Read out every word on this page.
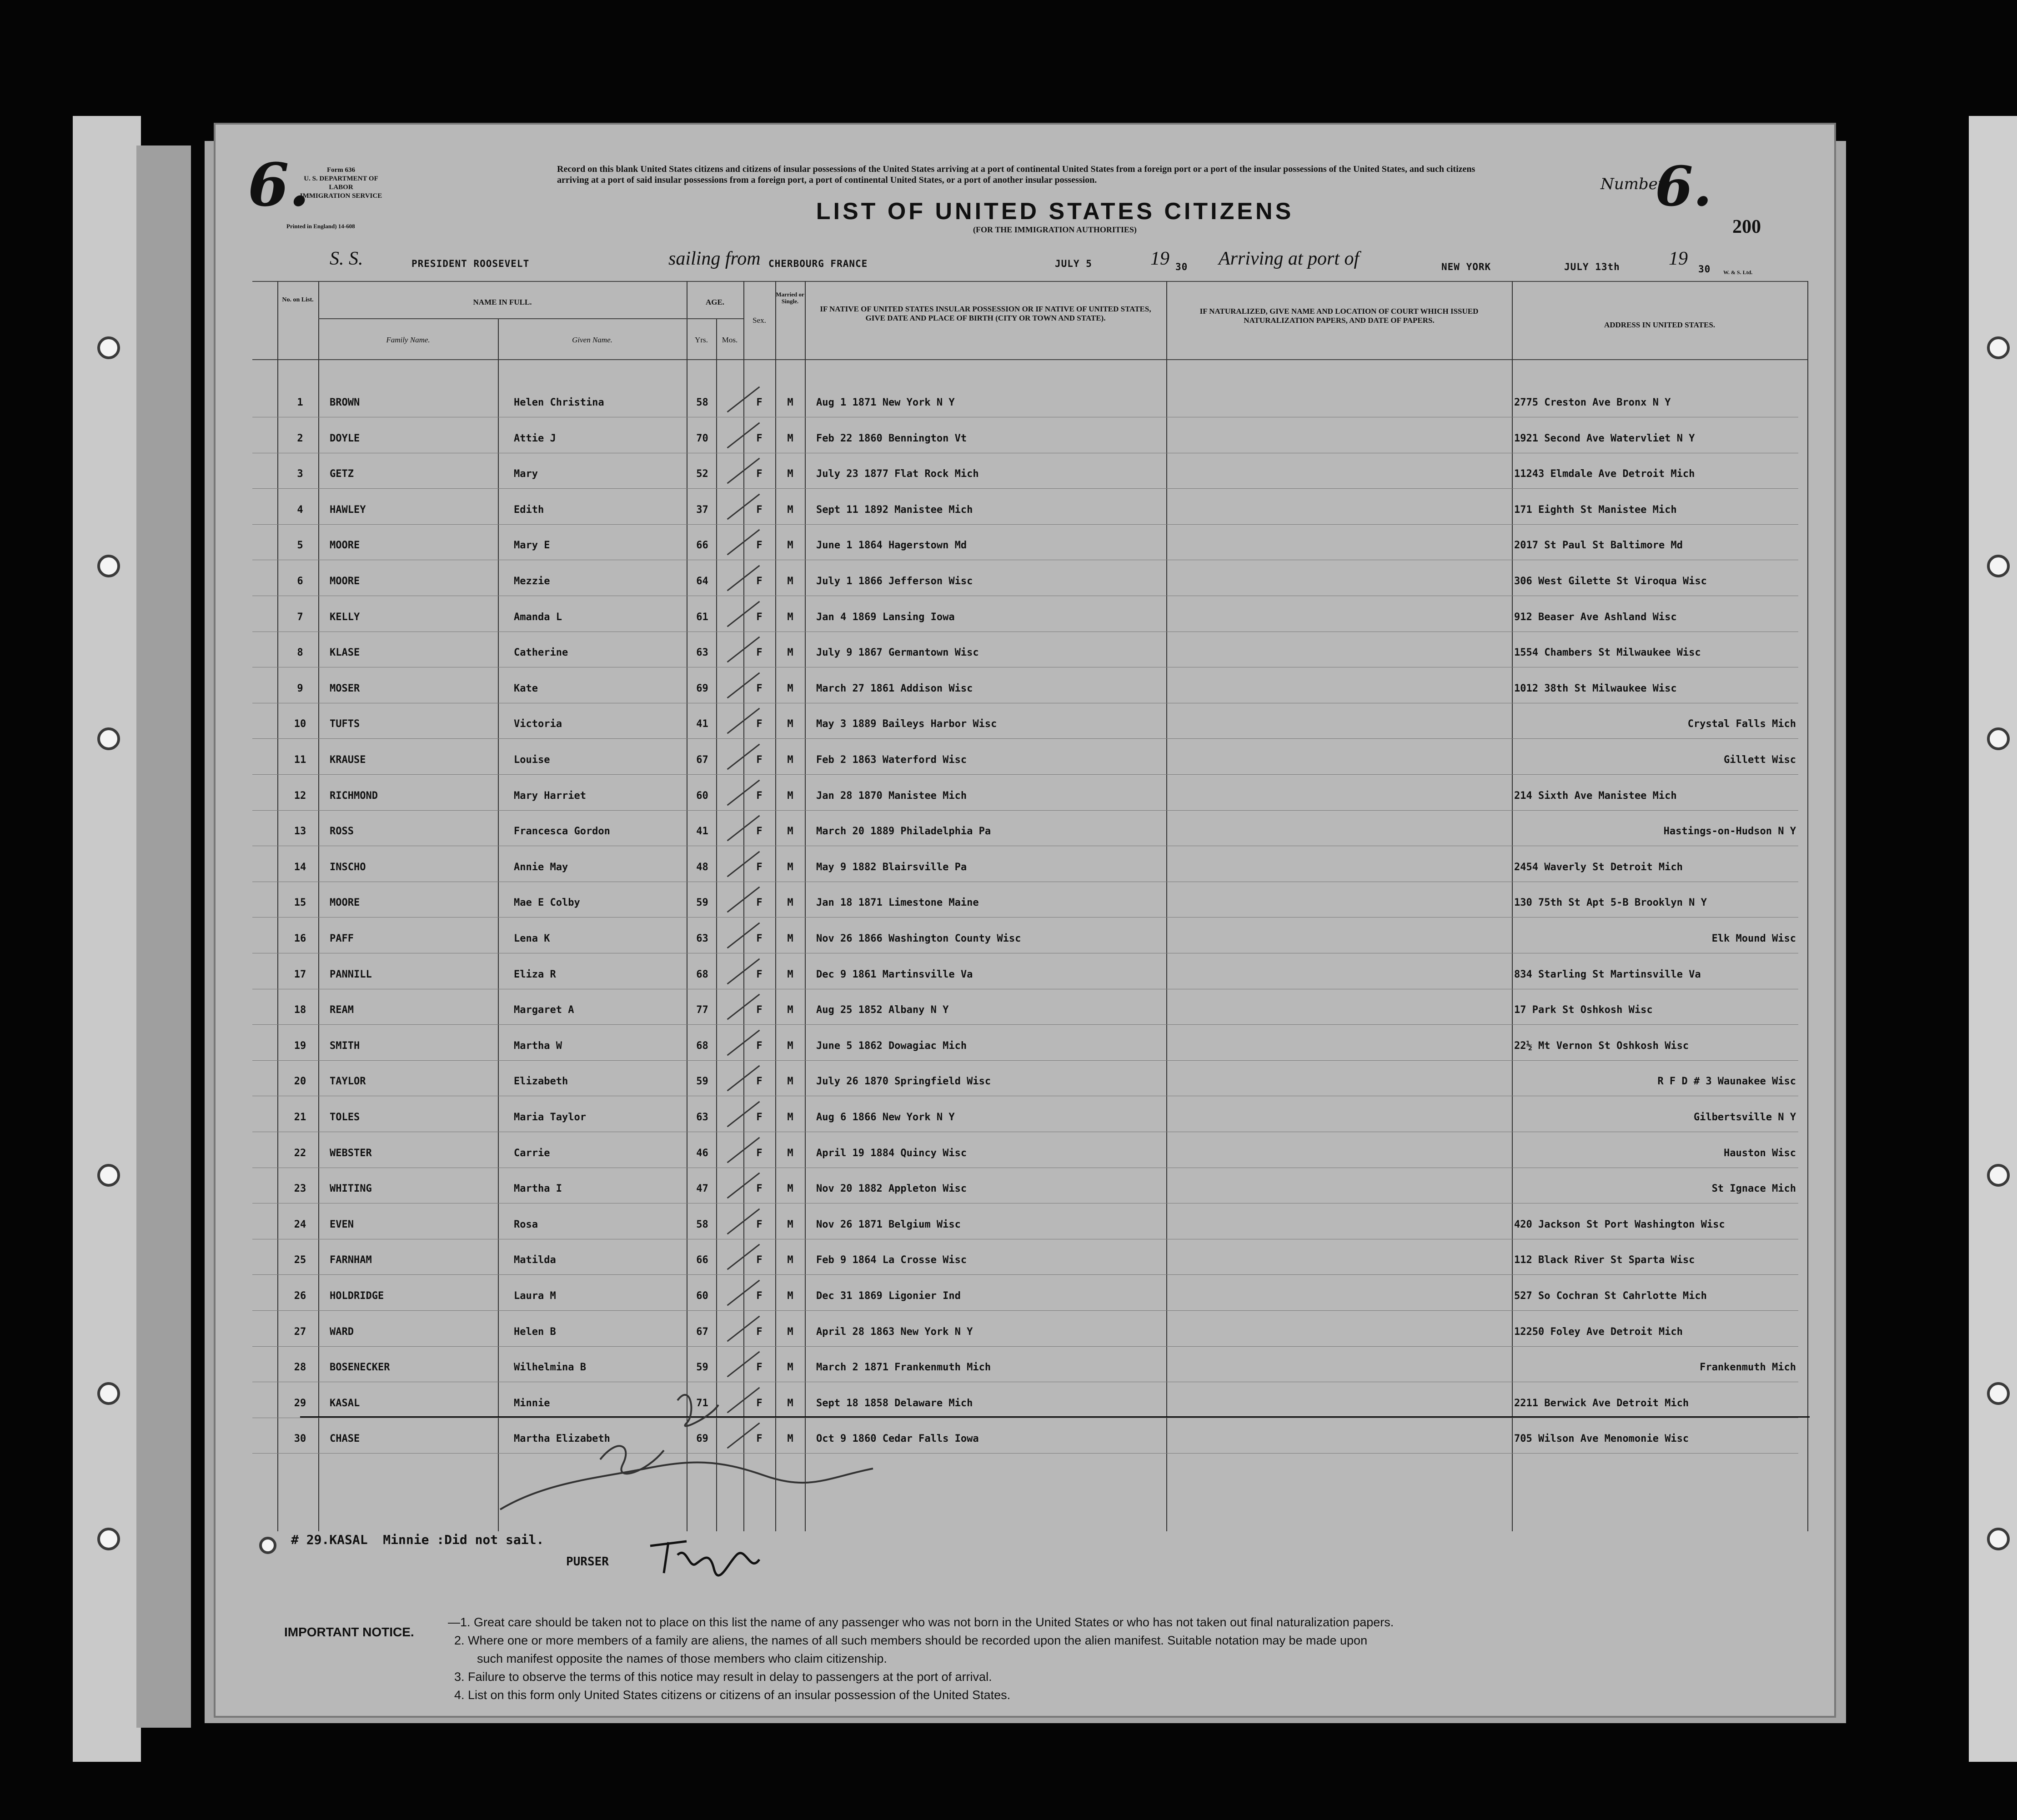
6.	Form 636
U. S. DEPARTMENT OF LABOR
IMMIGRATION SERVICE
Printed in England) 14-608
Record on this blank United States citizens and citizens of insular possessions of the United States arriving at a port of continental United States from a foreign port or a port of the insular possessions of the United States, and such citizens arriving at a port of said insular possessions from a foreign port, a port of continental United States, or a port of another insular possession.
LIST OF UNITED STATES CITIZENS
(FOR THE IMMIGRATION AUTHORITIES)
Number
6.
200
W. & S. Ltd.
S. S.	PRESIDENT ROOSEVELT	sailing from CHERBOURG FRANCE	JULY 5	19 30 Arriving at port of	NEW YORK	JULY 13th	19 30
No. on List.	NAME IN FULL.
Family Name.	Given Name.
AGE.
Yrs.	Mos.
Sex.
Married or Single.
IF NATIVE OF UNITED STATES INSULAR POSSESSION OR IF NATIVE OF UNITED STATES, GIVE DATE AND PLACE OF BIRTH (CITY OR TOWN AND STATE).
IF NATURALIZED, GIVE NAME AND LOCATION OF COURT WHICH ISSUED NATURALIZATION PAPERS, AND DATE OF PAPERS.
ADDRESS IN UNITED STATES.
1	BROWN	Helen Christina	58	F	M	Aug 1 1871 New York N Y	2775 Creston Ave Bronx N Y
2	DOYLE	Attie J	70	F	M	Feb 22 1860 Bennington Vt	1921 Second Ave Watervliet N Y
3	GETZ	Mary	52	F	M	July 23 1877 Flat Rock Mich	11243 Elmdale Ave Detroit Mich
4	HAWLEY	Edith	37	F	M	Sept 11 1892 Manistee Mich	171 Eighth St Manistee Mich
5	MOORE	Mary E	66	F	M	June 1 1864 Hagerstown Md	2017 St Paul St Baltimore Md
6	MOORE	Mezzie	64	F	M	July 1 1866 Jefferson Wisc	306 West Gilette St Viroqua Wisc
7	KELLY	Amanda L	61	F	M	Jan 4 1869 Lansing Iowa	912 Beaser Ave Ashland Wisc
8	KLASE	Catherine	63	F	M	July 9 1867 Germantown Wisc	1554 Chambers St Milwaukee Wisc
9	MOSER	Kate	69	F	M	March 27 1861 Addison Wisc	1012 38th St Milwaukee Wisc
10	TUFTS	Victoria	41	F	M	May 3 1889 Baileys Harbor Wisc	Crystal Falls Mich
11	KRAUSE	Louise	67	F	M	Feb 2 1863 Waterford Wisc	Gillett Wisc
12	RICHMOND	Mary Harriet	60	F	M	Jan 28 1870 Manistee Mich	214 Sixth Ave Manistee Mich
13	ROSS	Francesca Gordon	41	F	M	March 20 1889 Philadelphia Pa	Hastings-on-Hudson N Y
14	INSCHO	Annie May	48	F	M	May 9 1882 Blairsville Pa	2454 Waverly St Detroit Mich
15	MOORE	Mae E Colby	59	F	M	Jan 18 1871 Limestone Maine	130 75th St Apt 5-B Brooklyn N Y
16	PAFF	Lena K	63	F	M	Nov 26 1866 Washington County Wisc	Elk Mound Wisc
17	PANNILL	Eliza R	68	F	M	Dec 9 1861 Martinsville Va	834 Starling St Martinsville Va
18	REAM	Margaret A	77	F	M	Aug 25 1852 Albany N Y	17 Park St Oshkosh Wisc
19	SMITH	Martha W	68	F	M	June 5 1862 Dowagiac Mich	22½ Mt Vernon St Oshkosh Wisc
20	TAYLOR	Elizabeth	59	F	M	July 26 1870 Springfield Wisc	R F D # 3 Waunakee Wisc
21	TOLES	Maria Taylor	63	F	M	Aug 6 1866 New York N Y	Gilbertsville N Y
22	WEBSTER	Carrie	46	F	M	April 19 1884 Quincy Wisc	Hauston Wisc
23	WHITING	Martha I	47	F	M	Nov 20 1882 Appleton Wisc	St Ignace Mich
24	EVEN	Rosa	58	F	M	Nov 26 1871 Belgium Wisc	420 Jackson St Port Washington Wisc
25	FARNHAM	Matilda	66	F	M	Feb 9 1864 La Crosse Wisc	112 Black River St Sparta Wisc
26	HOLDRIDGE	Laura M	60	F	M	Dec 31 1869 Ligonier Ind	527 So Cochran St Cahrlotte Mich
27	WARD	Helen B	67	F	M	April 28 1863 New York N Y	12250 Foley Ave Detroit Mich
28	BOSENECKER	Wilhelmina B	59	F	M	March 2 1871 Frankenmuth Mich	Frankenmuth Mich
29	KASAL	Minnie	71	F	M	Sept 18 1858 Delaware Mich	2211 Berwick Ave Detroit Mich
30	CHASE	Martha Elizabeth	69	F	M	Oct 9 1860 Cedar Falls Iowa	705 Wilson Ave Menomonie Wisc
# 29.KASAL  Minnie :Did not sail.
PURSER
IMPORTANT NOTICE.
—1. Great care should be taken not to place on this list the name of any passenger who was not born in the United States or who has not taken out final naturalization papers.
2. Where one or more members of a family are aliens, the names of all such members should be recorded upon the alien manifest. Suitable notation may be made upon
such manifest opposite the names of those members who claim citizenship.
3. Failure to observe the terms of this notice may result in delay to passengers at the port of arrival.
4. List on this form only United States citizens or citizens of an insular possession of the United States.
